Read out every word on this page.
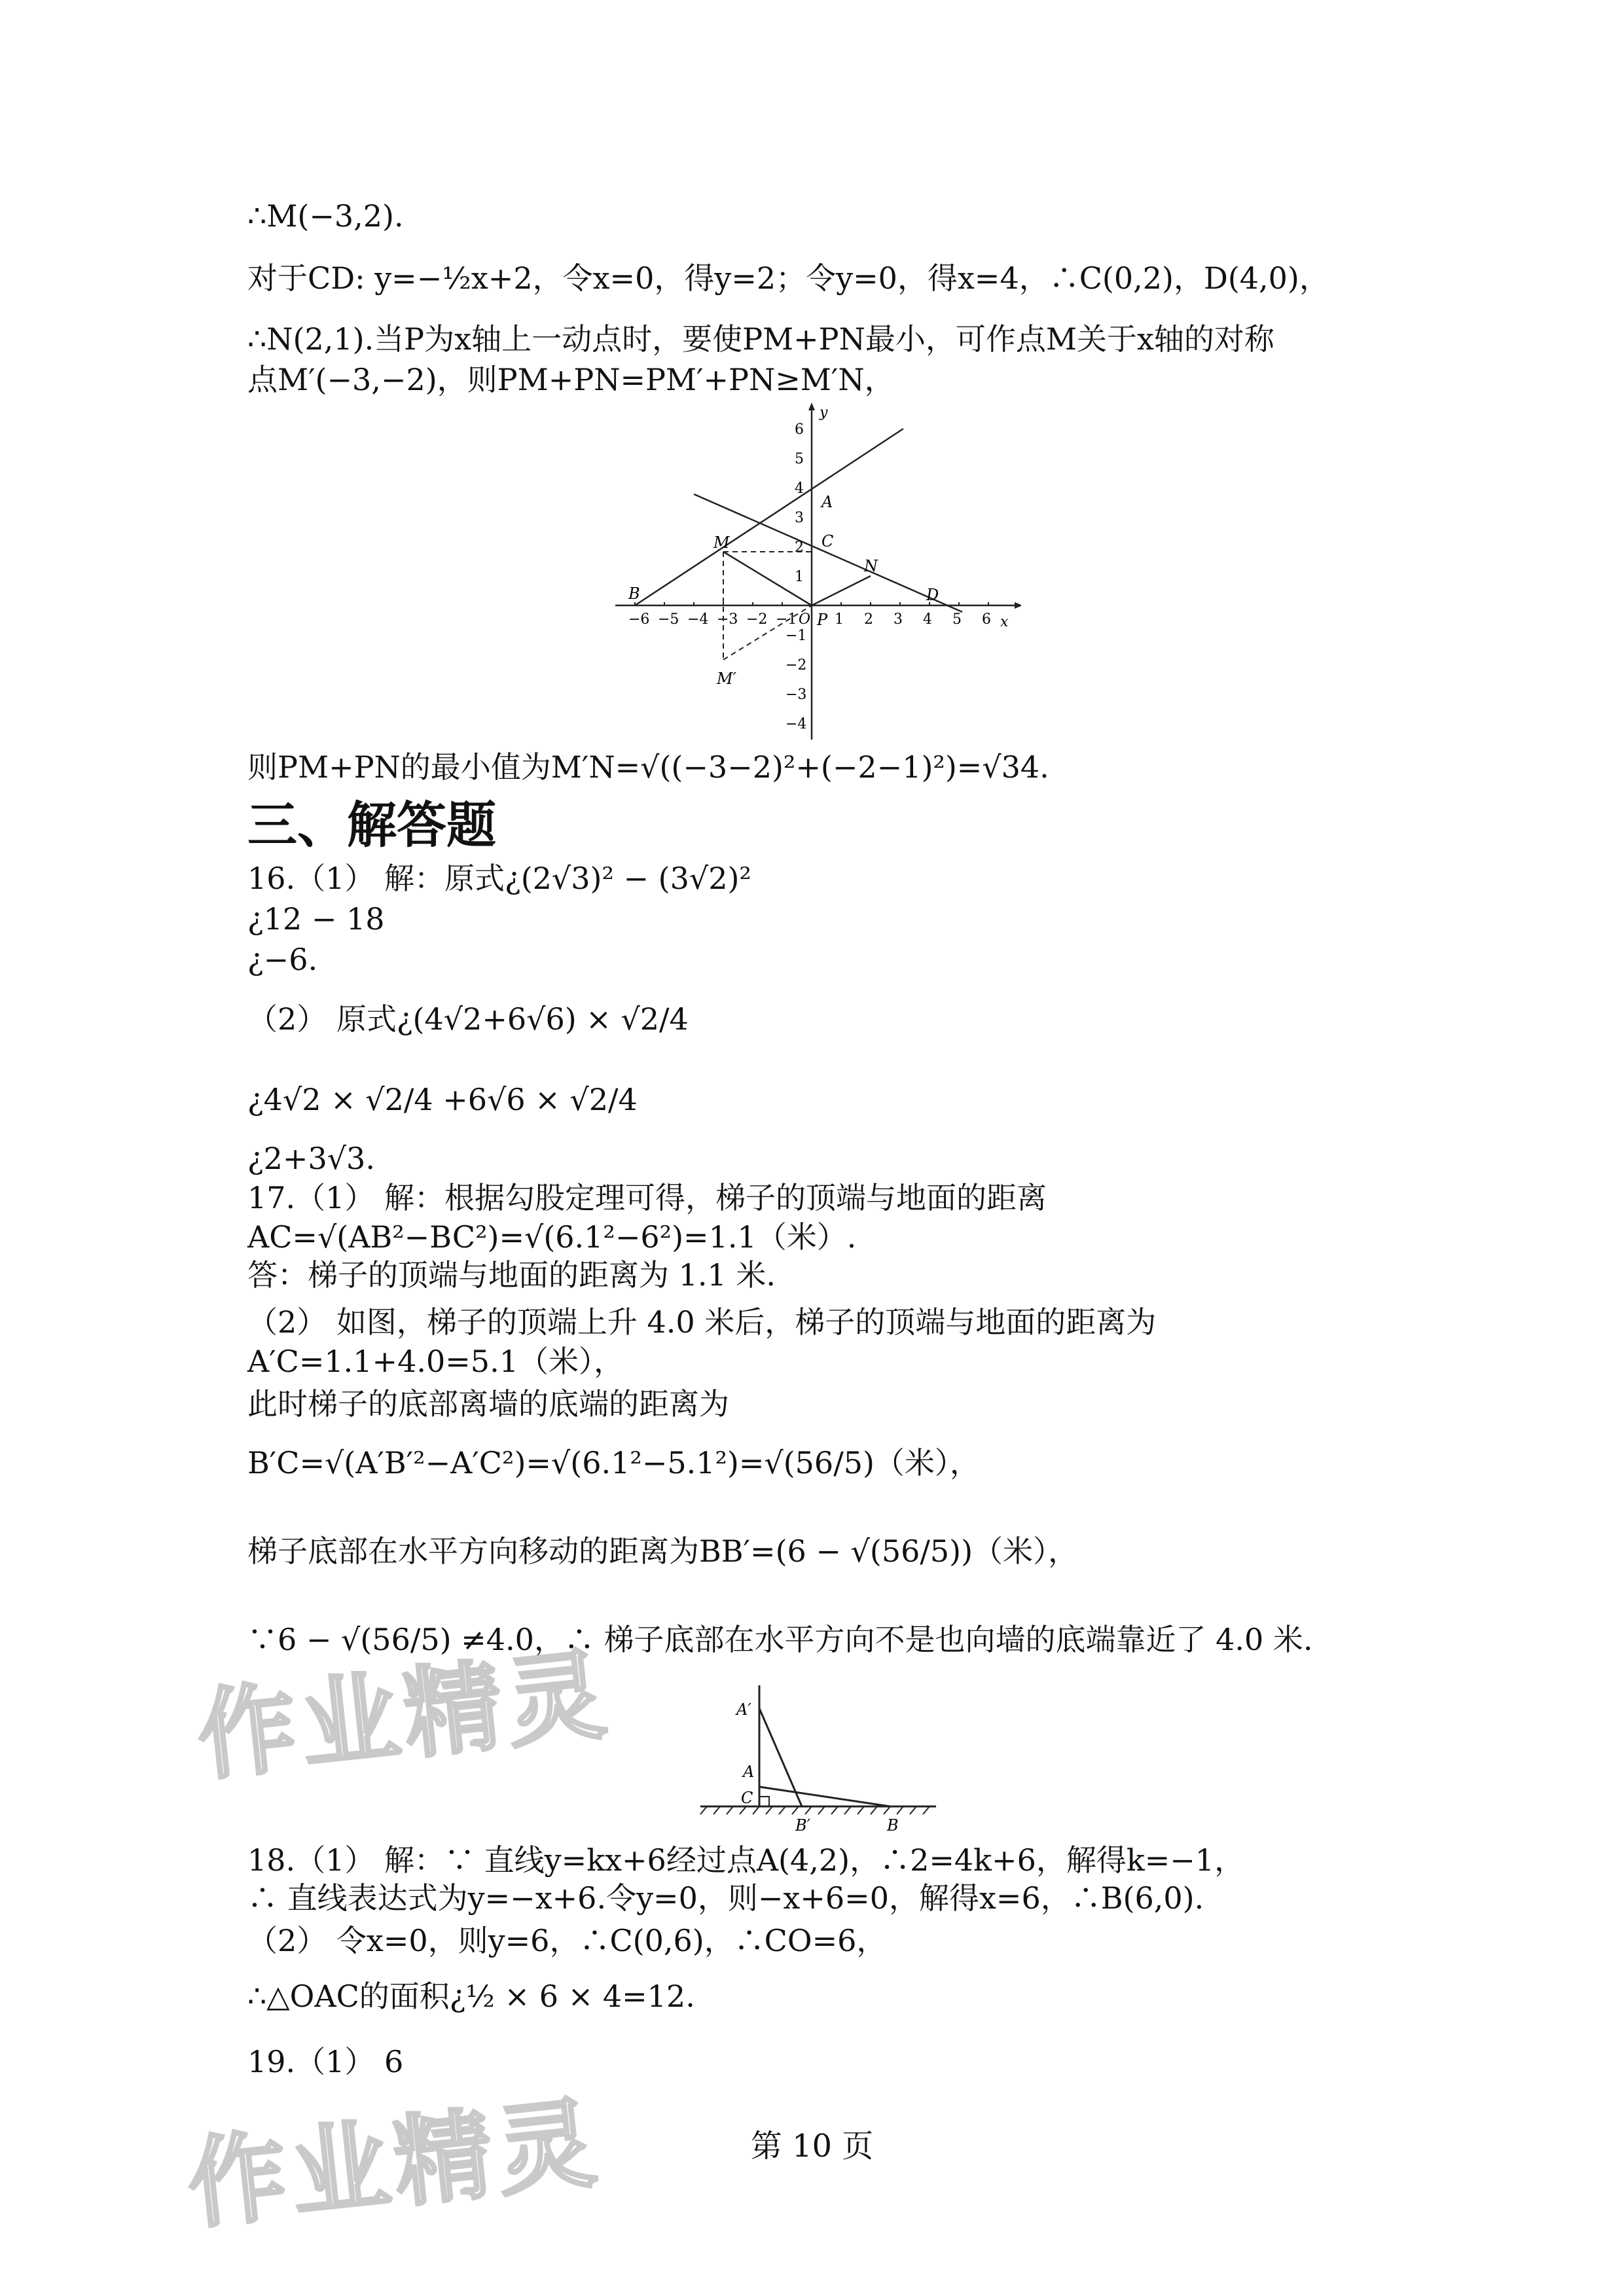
∴M(−3,2).
对于CD: y=−½x+2，令x=0，得y=2；令y=0，得x=4，∴C(0,2)，D(4,0)，
∴N(2,1).当P为x轴上一动点时，要使PM+PN最小，可作点M关于x轴的对称
点M′(−3,−2)，则PM+PN=PM′+PN≥M′N，
x
y
−6 −5 −4 −3 −2 −1 O 1 2 3 4 5 6
6
5
4
3
2
1
−1
−2
−3
−4
A
B
C
D
M
N
P
M′
则PM+PN的最小值为M′N=√((−3−2)²+(−2−1)²)=√34.
三、解答题
16.（1） 解：原式¿(2√3)² − (3√2)²
¿12 − 18
¿−6.
（2） 原式¿(4√2+6√6) × √2/4
¿4√2 × √2/4 +6√6 × √2/4
¿2+3√3.
17.（1） 解：根据勾股定理可得，梯子的顶端与地面的距离
AC=√(AB²−BC²)=√(6.1²−6²)=1.1（米）.
答：梯子的顶端与地面的距离为 1.1 米.
（2） 如图，梯子的顶端上升 4.0 米后，梯子的顶端与地面的距离为
A′C=1.1+4.0=5.1（米），
此时梯子的底部离墙的底端的距离为
B′C=√(A′B′²−A′C²)=√(6.1²−5.1²)=√(56/5)（米），
梯子底部在水平方向移动的距离为BB′=(6 − √(56/5))（米），
∵6 − √(56/5) ≠4.0，∴ 梯子底部在水平方向不是也向墙的底端靠近了 4.0 米.
A′
A
C
B′	B
18.（1） 解：∵ 直线y=kx+6经过点A(4,2)，∴2=4k+6，解得k=−1，
∴ 直线表达式为y=−x+6.令y=0，则−x+6=0，解得x=6，∴B(6,0).
（2） 令x=0，则y=6，∴C(0,6)，∴CO=6，
∴△OAC的面积¿½ × 6 × 4=12.
19.（1） 6
作业精灵
作业精灵	第 10 页
